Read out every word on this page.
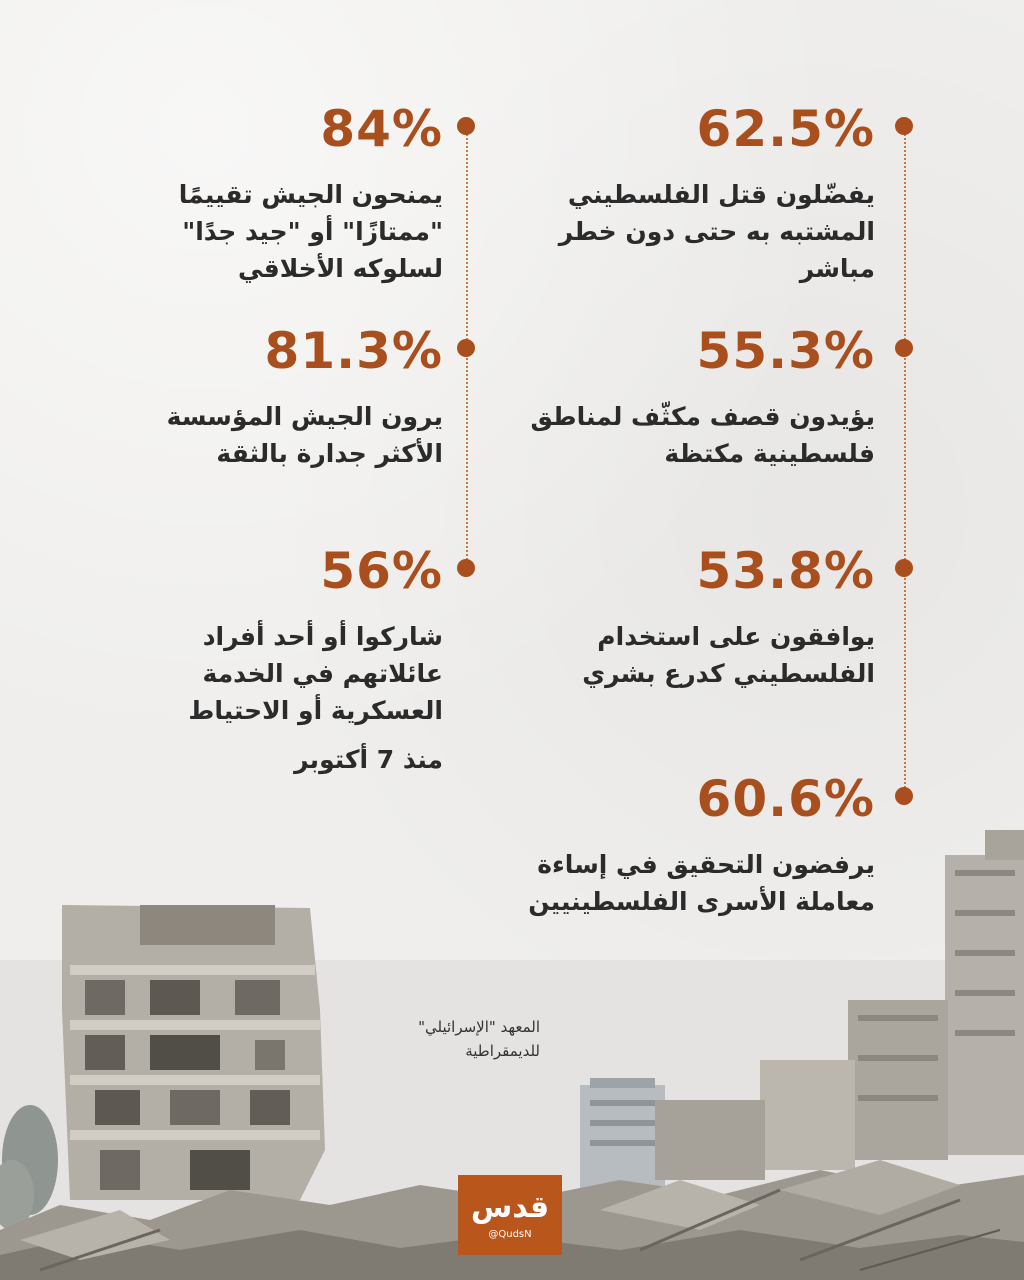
62.5%
يفضّلون قتل الفلسطيني المشتبه به حتى دون خطر مباشر
55.3%
يؤيدون قصف مكثّف لمناطق فلسطينية مكتظة
53.8%
يوافقون على استخدام الفلسطيني كدرع بشري
60.6%
يرفضون التحقيق في إساءة معاملة الأسرى الفلسطينيين
84%
يمنحون الجيش تقييمًا "ممتازًا" أو "جيد جدًا" لسلوكه الأخلاقي
81.3%
يرون الجيش المؤسسة الأكثر جدارة بالثقة
56%
شاركوا أو أحد أفراد عائلاتهم في الخدمة العسكرية أو الاحتياط
منذ 7 أكتوبر
المعهد "الإسرائيلي"
للديمقراطية
قدس
@QudsN
